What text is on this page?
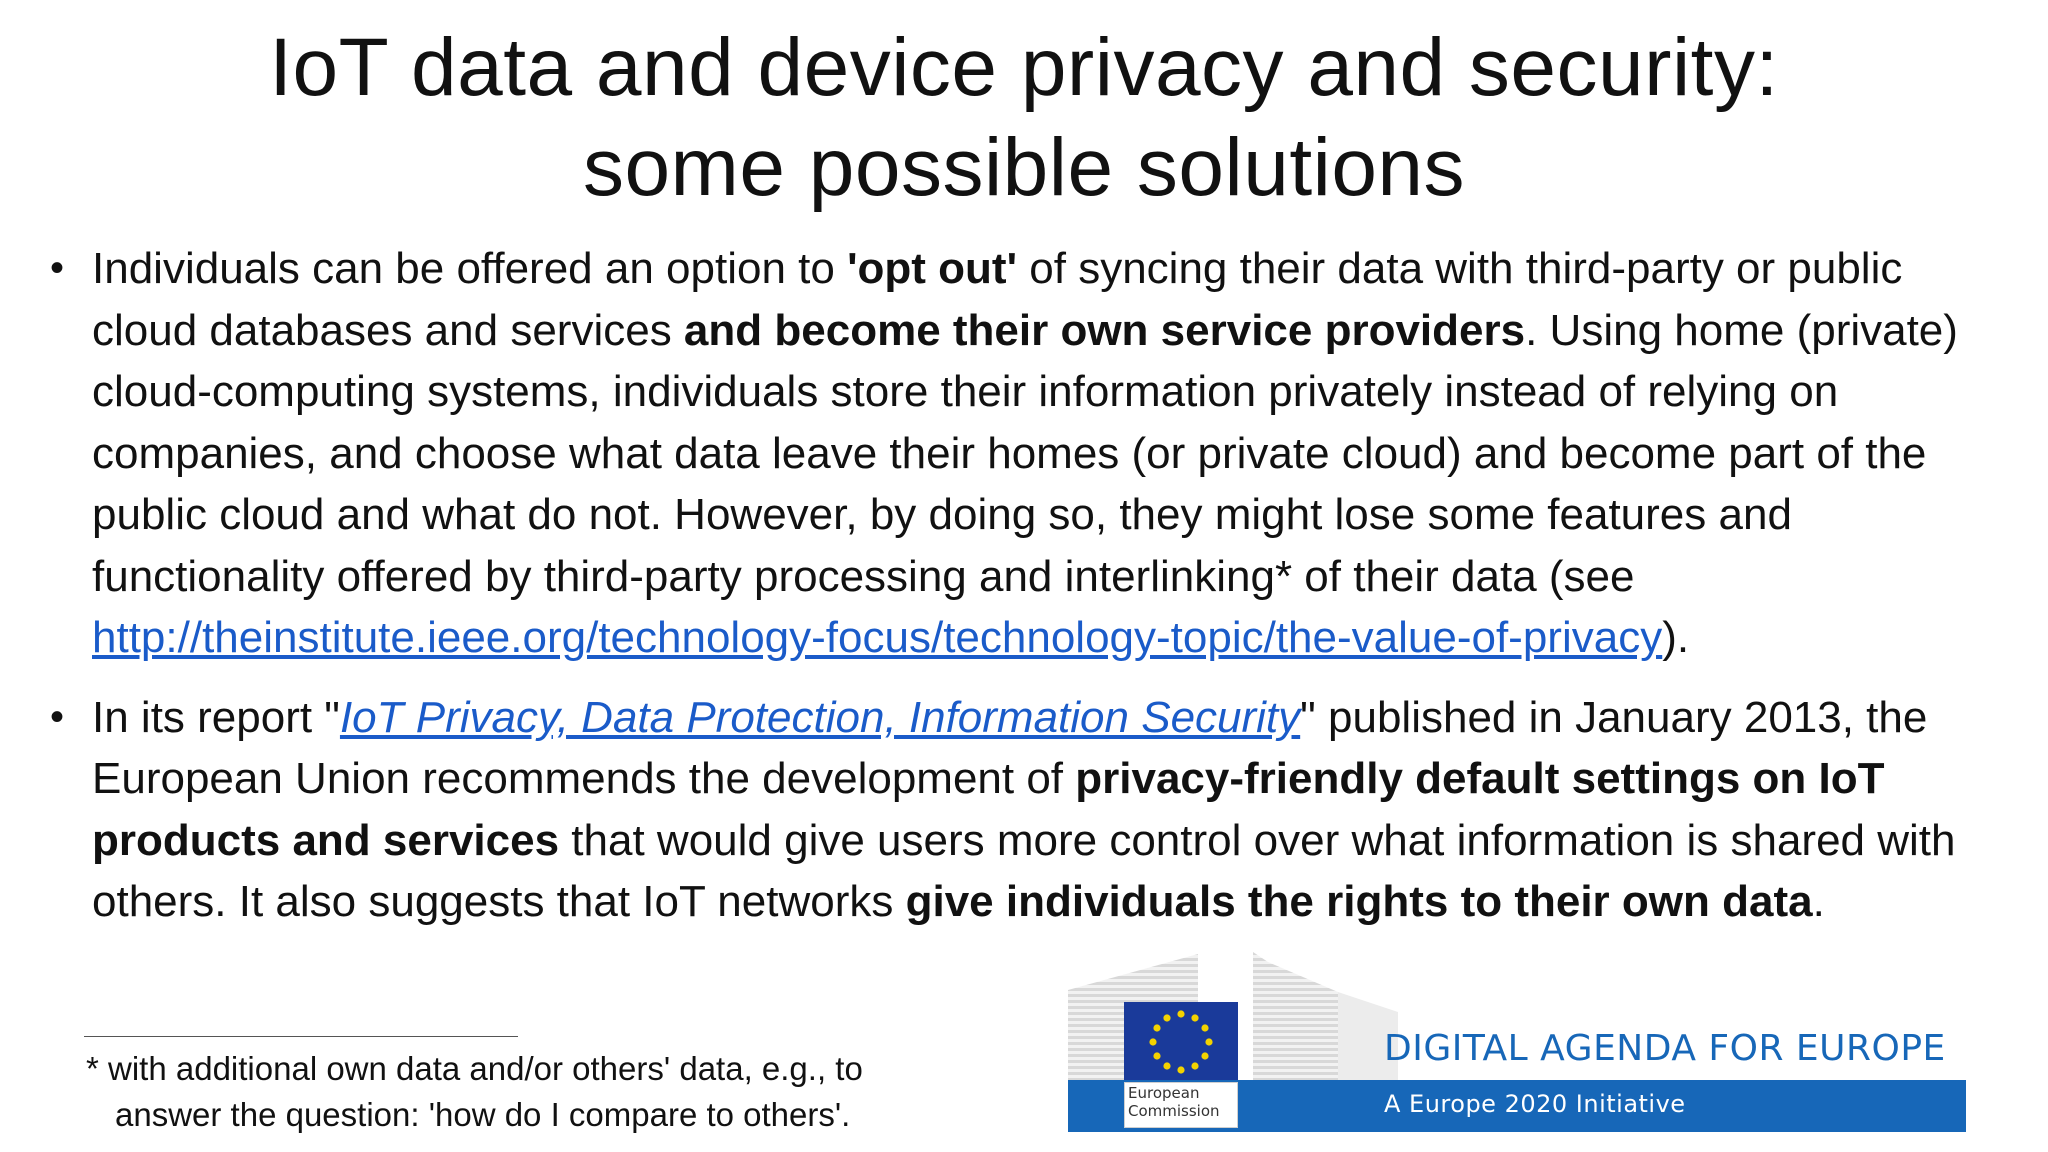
IoT data and device privacy and security:
some possible solutions
• Individuals can be offered an option to 'opt out' of syncing their data with third-party or public cloud databases and services and become their own service providers. Using home (private) cloud-computing systems, individuals store their information privately instead of relying on companies, and choose what data leave their homes (or private cloud) and become part of the public cloud and what do not. However, by doing so, they might lose some features and functionality offered by third-party processing and interlinking* of their data (see http://theinstitute.ieee.org/technology-focus/technology-topic/the-value-of-privacy).
• In its report "IoT Privacy, Data Protection, Information Security" published in January 2013, the European Union recommends the development of privacy-friendly default settings on IoT products and services that would give users more control over what information is shared with others. It also suggests that IoT networks give individuals the rights to their own data.
* with additional own data and/or others' data, e.g., to
answer the question: 'how do I compare to others'.
European
Commission
DIGITAL AGENDA FOR EUROPE
A Europe 2020 Initiative
